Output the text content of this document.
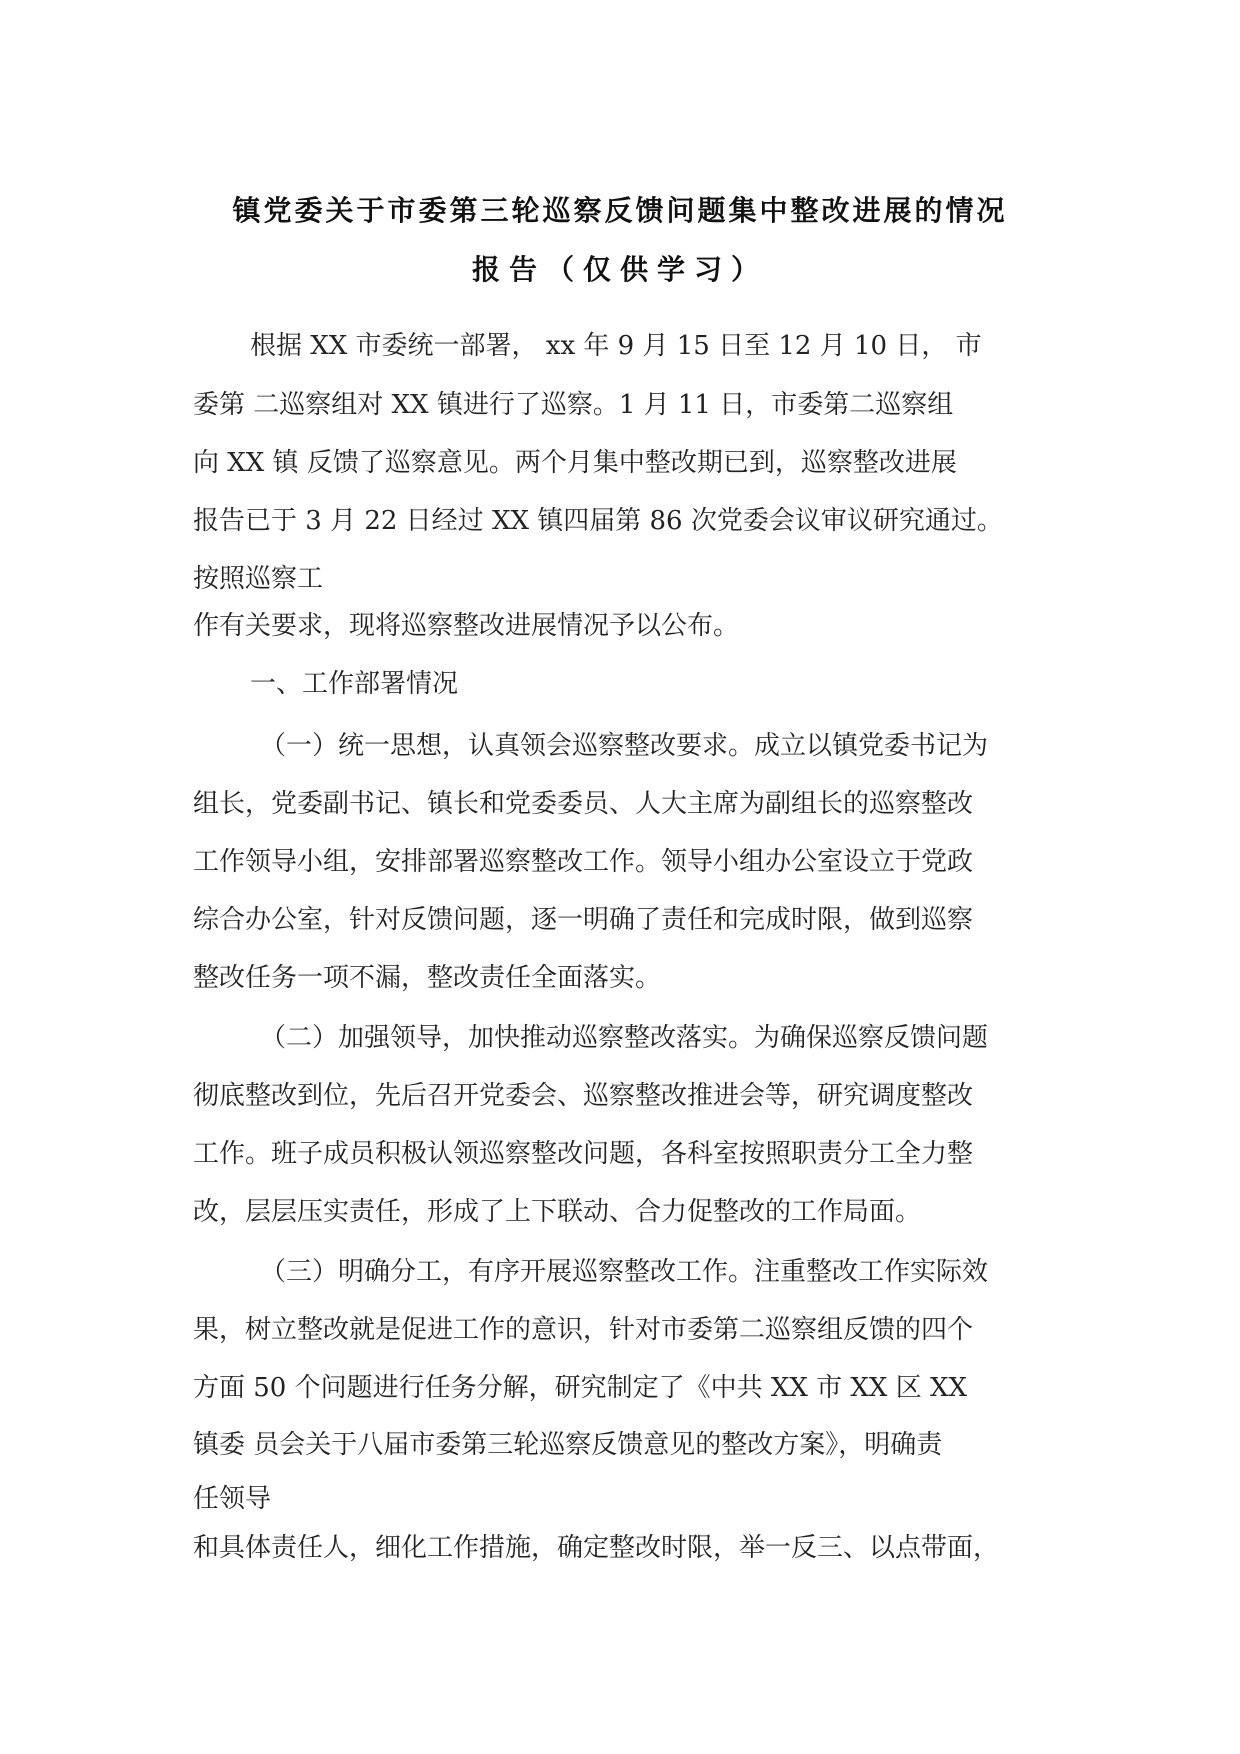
镇党委关于市委第三轮巡察反馈问题集中整改进展的情况
报告（仅供学习）
根据 XX 市委统一部署， xx 年 9 月 15 日至 12 月 10 日， 市
委第 二巡察组对 XX 镇进行了巡察。1 月 11 日，市委第二巡察组
向 XX 镇 反馈了巡察意见。两个月集中整改期已到，巡察整改进展
报告已于 3 月 22 日经过 XX 镇四届第 86 次党委会议审议研究通过。
按照巡察工
作有关要求，现将巡察整改进展情况予以公布。
一、工作部署情况
（一）统一思想，认真领会巡察整改要求。成立以镇党委书记为
组长，党委副书记、镇长和党委委员、人大主席为副组长的巡察整改
工作领导小组，安排部署巡察整改工作。领导小组办公室设立于党政
综合办公室，针对反馈问题，逐一明确了责任和完成时限，做到巡察
整改任务一项不漏，整改责任全面落实。
（二）加强领导，加快推动巡察整改落实。为确保巡察反馈问题
彻底整改到位，先后召开党委会、巡察整改推进会等，研究调度整改
工作。班子成员积极认领巡察整改问题，各科室按照职责分工全力整
改，层层压实责任，形成了上下联动、合力促整改的工作局面。
（三）明确分工，有序开展巡察整改工作。注重整改工作实际效
果，树立整改就是促进工作的意识，针对市委第二巡察组反馈的四个
方面 50 个问题进行任务分解，研究制定了《中共 XX 市 XX 区 XX
镇委 员会关于八届市委第三轮巡察反馈意见的整改方案》，明确责
任领导
和具体责任人，细化工作措施，确定整改时限，举一反三、以点带面，
